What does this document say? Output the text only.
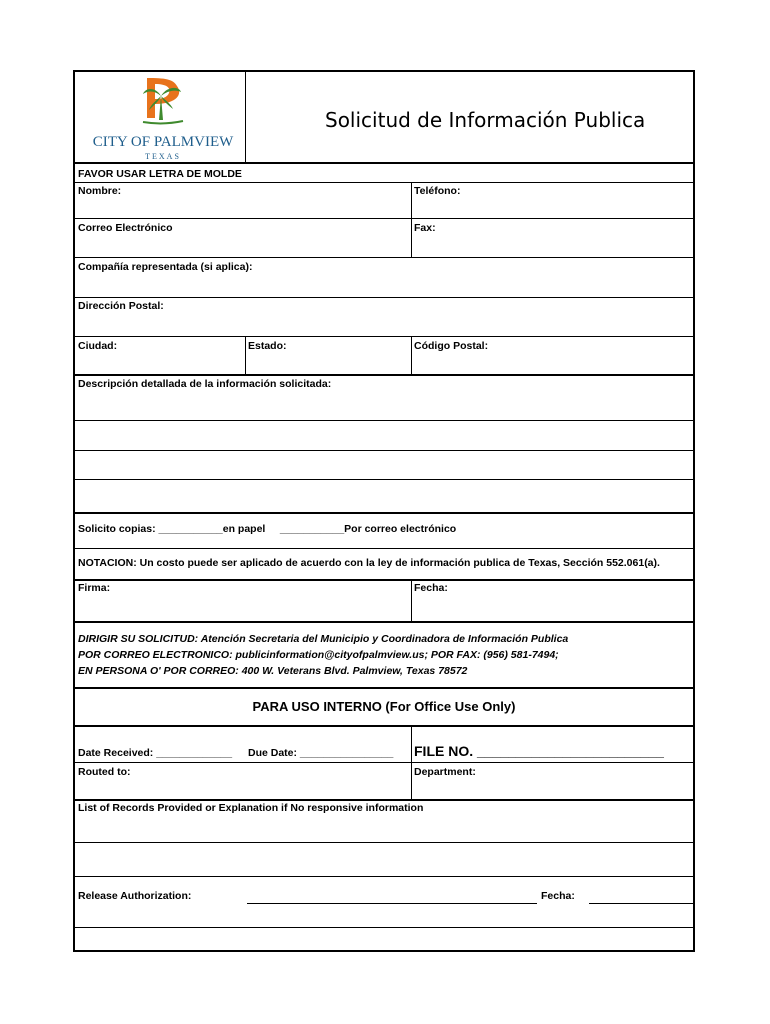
CITY OF PALMVIEW
TEXAS
Solicitud de Información Publica
FAVOR USAR LETRA DE MOLDE
Nombre:	Teléfono:
Correo Electrónico	Fax:
Compañía representada (si aplica):
Dirección Postal:
Ciudad:	Estado:	Código Postal:
Descripción detallada de la información solicitada:
Solicito copias: ___________en papel     ___________Por correo electrónico
NOTACION: Un costo puede ser aplicado de acuerdo con la ley de información publica de Texas, Sección 552.061(a).
Firma:	Fecha:
DIRIGIR SU SOLICITUD: Atención Secretaria del Municipio y Coordinadora de Información Publica
POR CORREO ELECTRONICO: publicinformation@cityofpalmview.us; POR FAX: (956) 581-7494;
EN PERSONA O' POR CORREO: 400 W. Veterans Blvd. Palmview, Texas 78572
PARA USO INTERNO (For Office Use Only)
Date Received: _____________ Due Date: ________________ FILE NO. ________________________
Routed to:	Department:
List of Records Provided or Explanation if No responsive information
Release Authorization:	Fecha:
